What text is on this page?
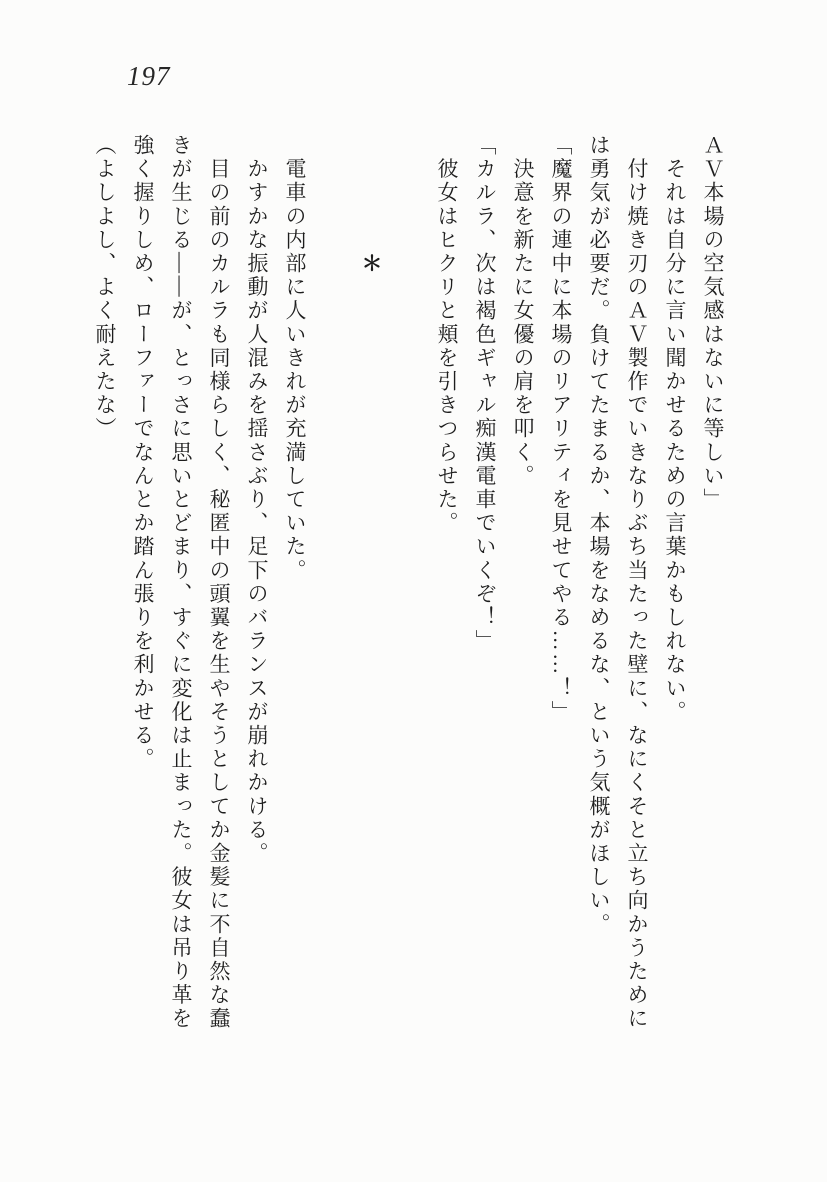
197

ＡＶ本場の空気感はないに等しい」

　それは自分に言い聞かせるための言葉かもしれない。

　付け焼き刃のＡＶ製作でいきなりぶち当たった壁に、なにくそと立ち向かうために

は勇気が必要だ。負けてたまるか、本場をなめるな、という気概がほしい。

「魔界の連中に本場のリアリティを見せてやる……！」

　決意を新たに女優の肩を叩く。

「カルラ、次は褐色ギャル痴漢電車でいくぞ！」

　彼女はヒクリと頬を引きつらせた。

　　　　　＊

　電車の内部に人いきれが充満していた。

　かすかな振動が人混みを揺さぶり、足下のバランスが崩れかける。

　目の前のカルラも同様らしく、秘匿中の頭翼を生やそうとしてか金髪に不自然な蠢

きが生じる——が、とっさに思いとどまり、すぐに変化は止まった。彼女は吊り革を

強く握りしめ、ローファーでなんとか踏ん張りを利かせる。

（よしよし、よく耐えたな）
